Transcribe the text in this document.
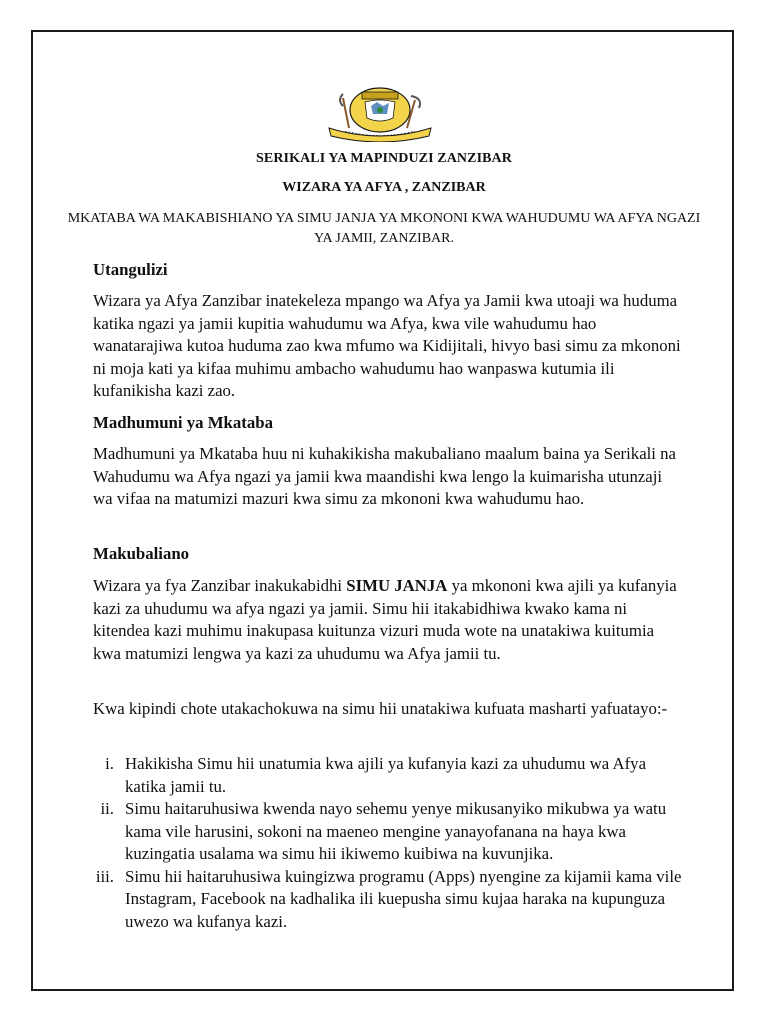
SERIKALI YA MAPINDUZI ZANZIBAR
WIZARA YA AFYA , ZANZIBAR
MKATABA WA MAKABISHIANO YA SIMU JANJA YA MKONONI KWA WAHUDUMU WA AFYA NGAZI YA JAMII, ZANZIBAR.
Utangulizi

Wizara ya Afya Zanzibar inatekeleza mpango wa Afya ya Jamii kwa utoaji wa huduma katika ngazi ya jamii kupitia wahudumu wa Afya, kwa vile wahudumu hao wanatarajiwa kutoa huduma zao kwa mfumo wa Kidijitali, hivyo basi simu za mkononi ni moja kati ya kifaa muhimu ambacho wahudumu hao wanpaswa kutumia ili kufanikisha kazi zao.

Madhumuni ya Mkataba

Madhumuni ya Mkataba huu ni kuhakikisha makubaliano maalum baina ya Serikali na Wahudumu wa Afya ngazi ya jamii kwa maandishi kwa lengo la kuimarisha utunzaji wa vifaa na matumizi mazuri kwa simu za mkononi kwa wahudumu hao.

Makubaliano

Wizara ya fya Zanzibar inakukabidhi SIMU JANJA ya mkononi kwa ajili ya kufanyia kazi za uhudumu wa afya ngazi ya jamii. Simu hii itakabidhiwa kwako kama ni kitendea kazi muhimu inakupasa kuitunza vizuri muda wote na unatakiwa kuitumia kwa matumizi lengwa ya kazi za uhudumu wa Afya jamii tu.

Kwa kipindi chote utakachokuwa na simu hii unatakiwa kufuata masharti yafuatayo:-

i. Hakikisha Simu hii unatumia kwa ajili ya kufanyia kazi za uhudumu wa Afya katika jamii tu.
ii. Simu haitaruhusiwa kwenda nayo sehemu yenye mikusanyiko mikubwa ya watu kama vile harusini, sokoni na maeneo mengine yanayofanana na haya kwa kuzingatia usalama wa simu hii ikiwemo kuibiwa na kuvunjika.
iii. Simu hii haitaruhusiwa kuingizwa programu (Apps) nyengine za kijamii kama vile Instagram, Facebook na kadhalika ili kuepusha simu kujaa haraka na kupunguza uwezo wa kufanya kazi.
